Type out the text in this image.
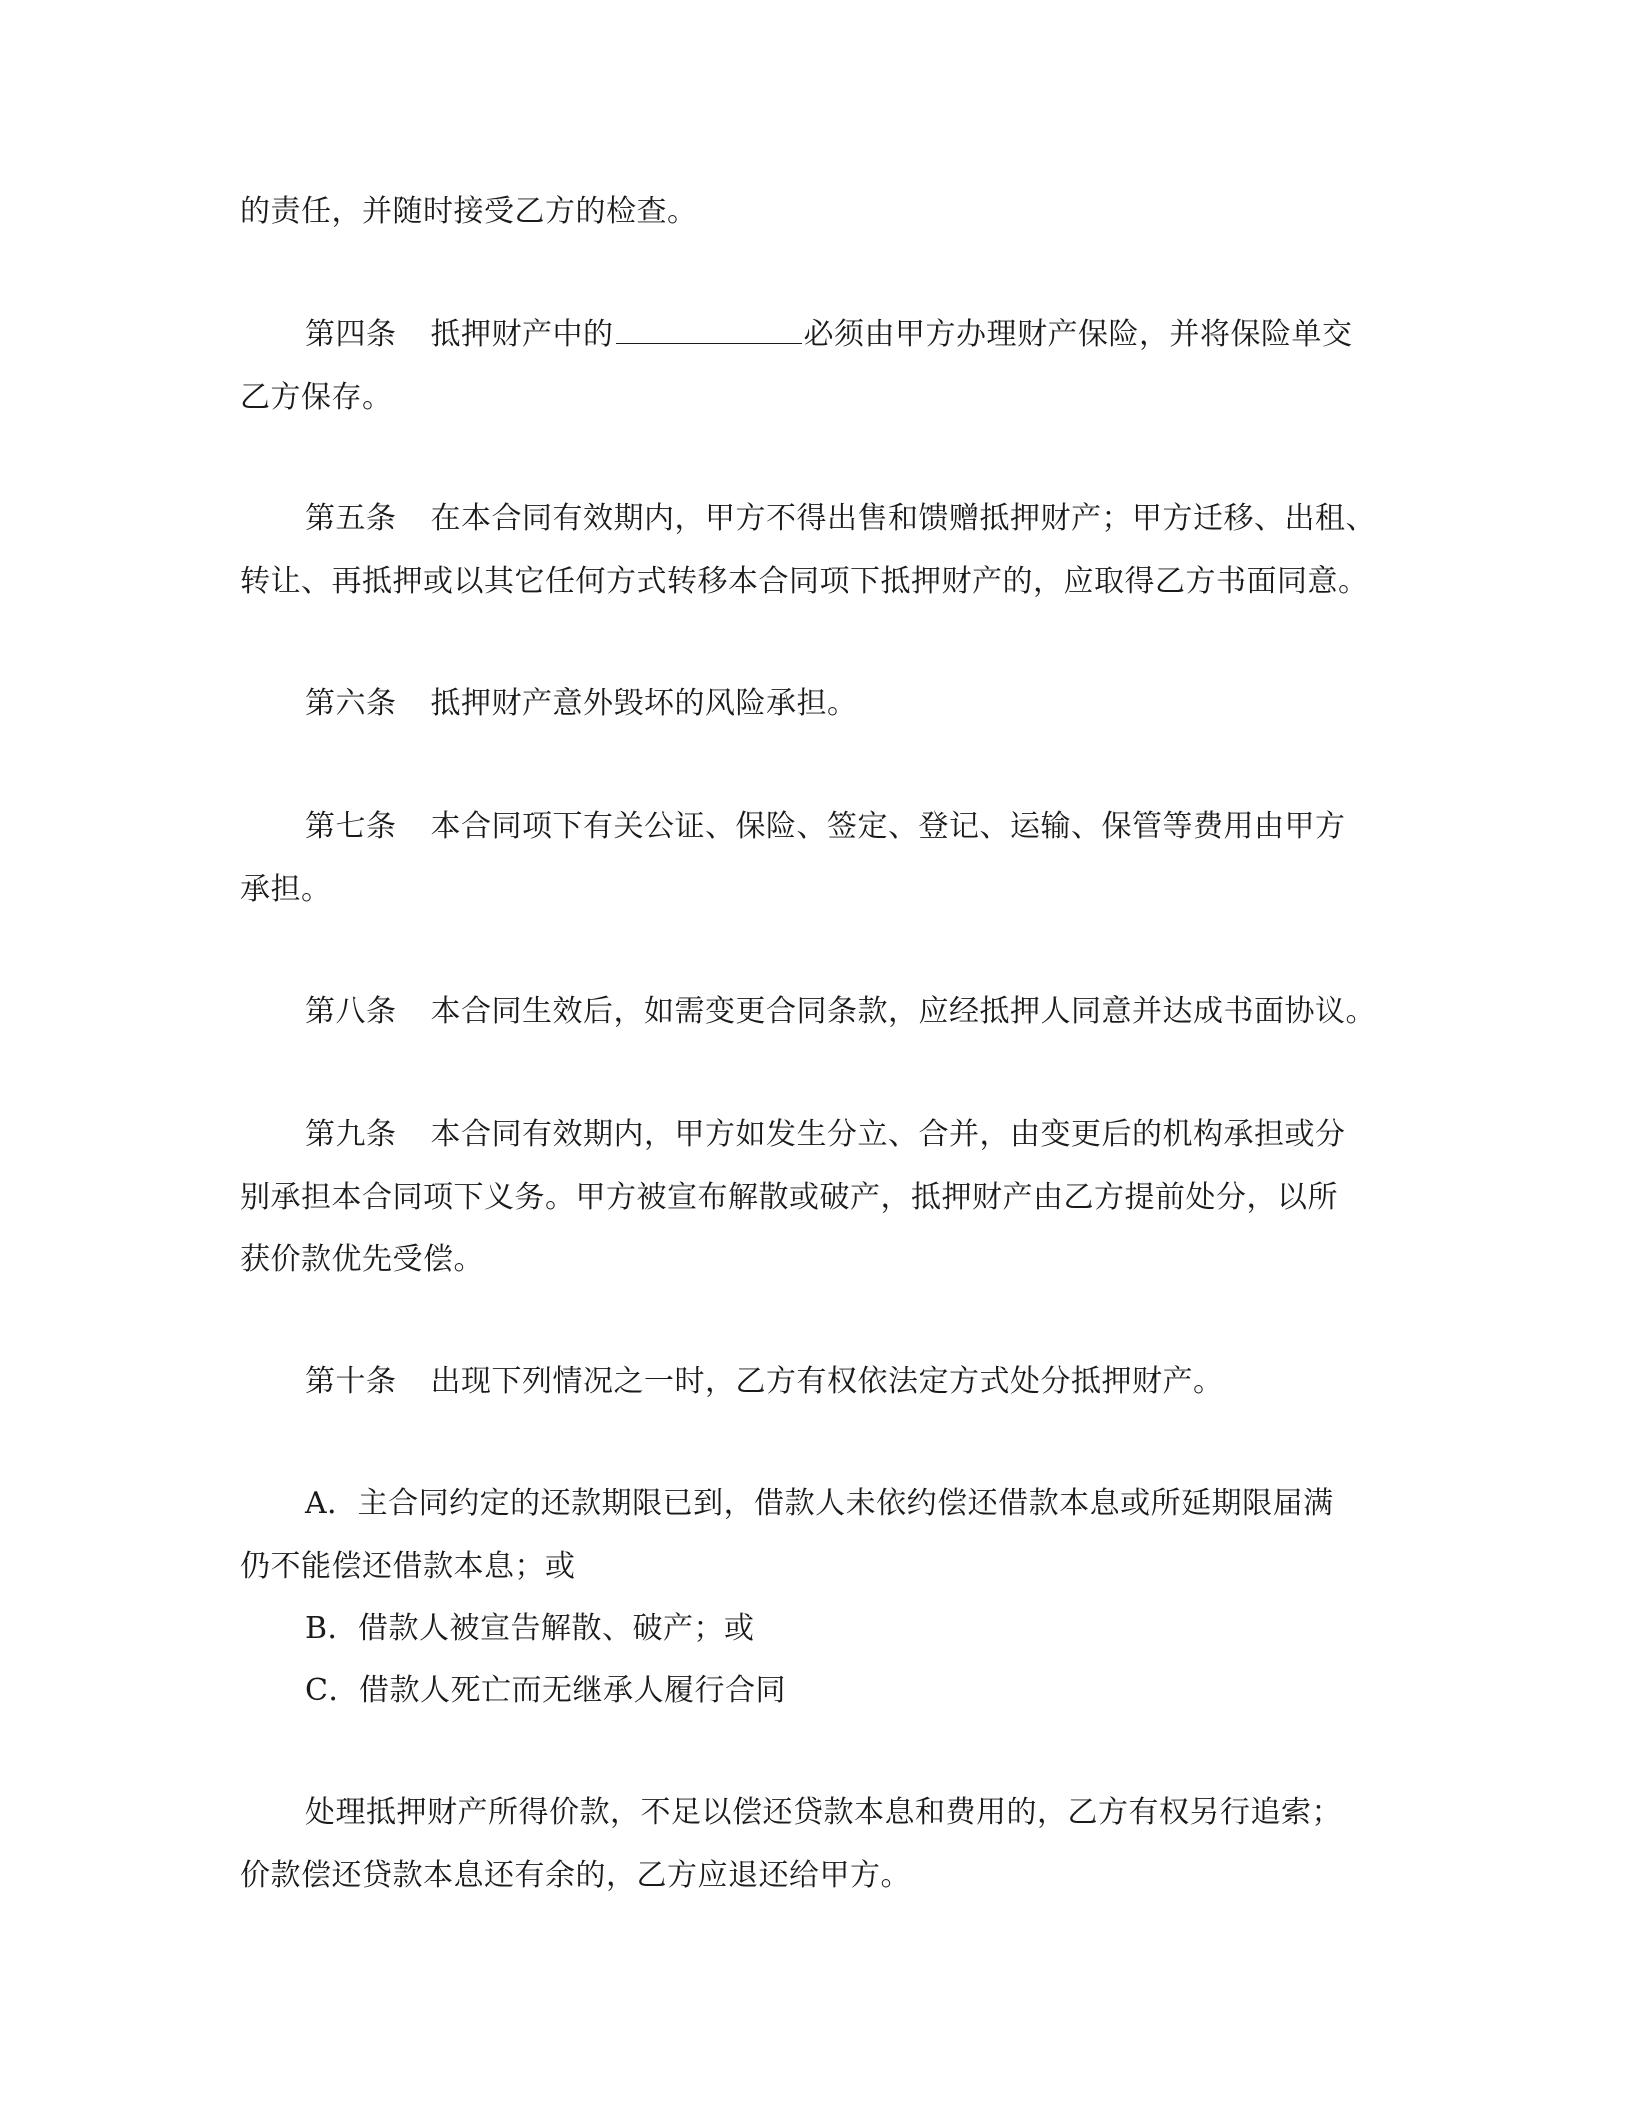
的责任，并随时接受乙方的检查。
第四条 抵押财产中的	必须由甲方办理财产保险，并将保险单交
乙方保存。
第五条 在本合同有效期内，甲方不得出售和馈赠抵押财产；甲方迁移、出租、
转让、再抵押或以其它任何方式转移本合同项下抵押财产的，应取得乙方书面同意。
第六条 抵押财产意外毁坏的风险承担。
第七条 本合同项下有关公证、保险、签定、登记、运输、保管等费用由甲方
承担。
第八条 本合同生效后，如需变更合同条款，应经抵押人同意并达成书面协议。
第九条 本合同有效期内，甲方如发生分立、合并，由变更后的机构承担或分
别承担本合同项下义务。甲方被宣布解散或破产，抵押财产由乙方提前处分，以所
获价款优先受偿。
第十条 出现下列情况之一时，乙方有权依法定方式处分抵押财产。
A．主合同约定的还款期限已到，借款人未依约偿还借款本息或所延期限届满
仍不能偿还借款本息；或
B．借款人被宣告解散、破产；或
C．借款人死亡而无继承人履行合同
处理抵押财产所得价款，不足以偿还贷款本息和费用的，乙方有权另行追索；
价款偿还贷款本息还有余的，乙方应退还给甲方。
